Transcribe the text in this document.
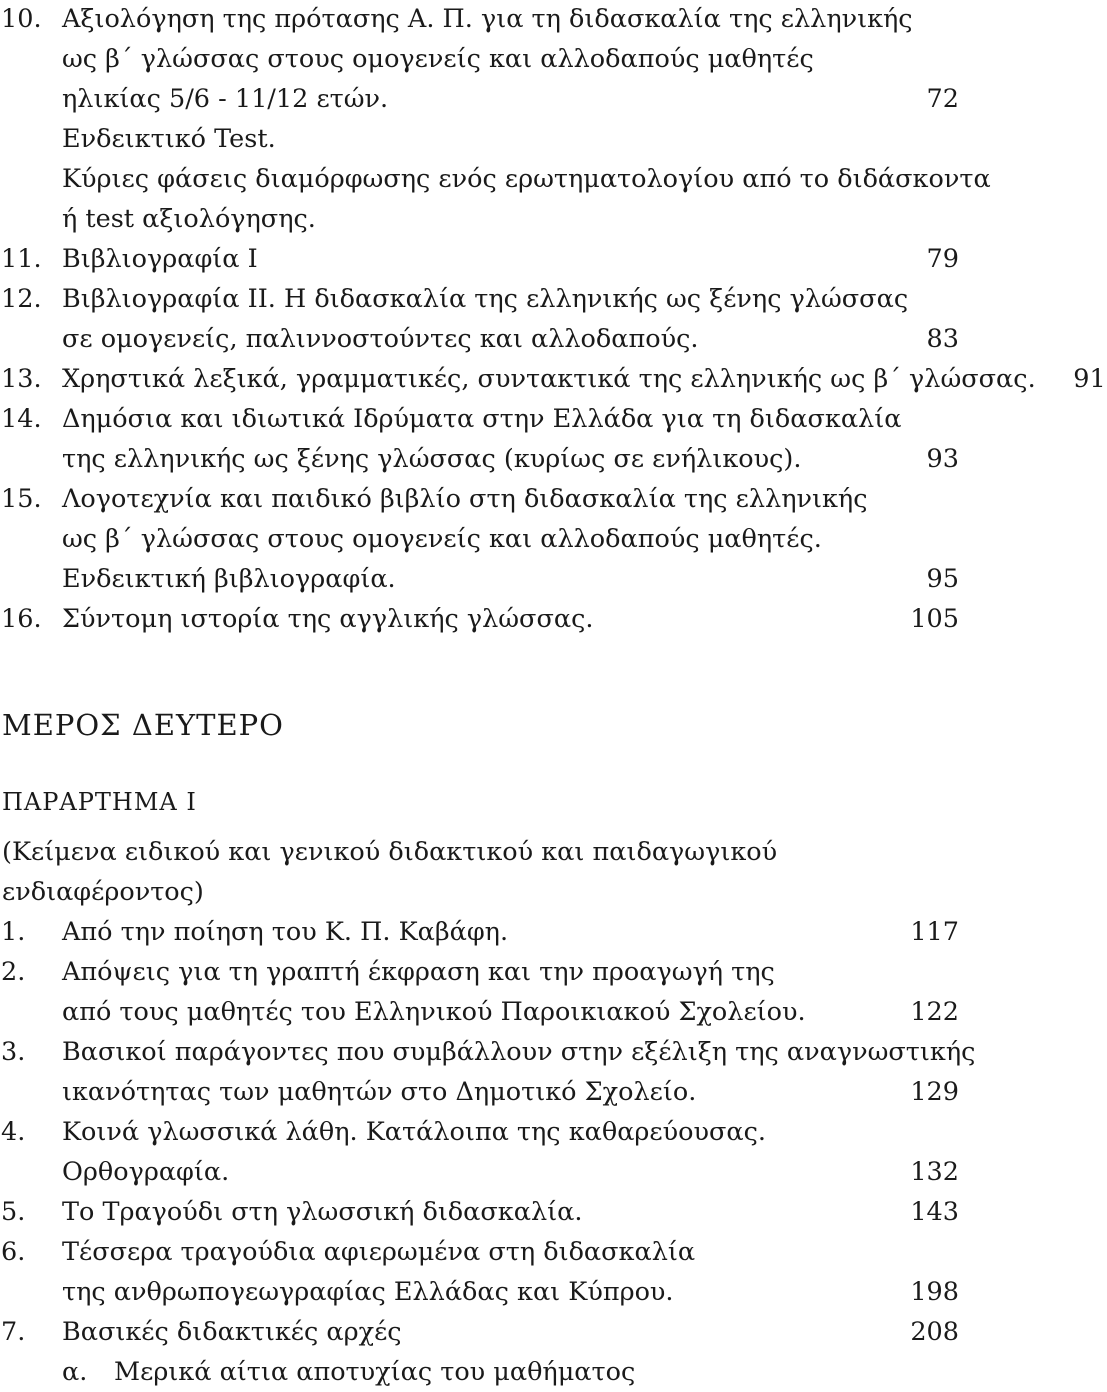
10. Αξιολόγηση της πρότασης Α. Π. για τη διδασκαλία της ελληνικής
ως β΄ γλώσσας στους ομογενείς και αλλοδαπούς μαθητές
ηλικίας 5/6 - 11/12 ετών.	72
Ενδεικτικό Test.
Κύριες φάσεις διαμόρφωσης ενός ερωτηματολογίου από το διδάσκοντα
ή test αξιολόγησης.
11. Βιβλιογραφία Ι	79
12. Βιβλιογραφία ΙΙ. Η διδασκαλία της ελληνικής ως ξένης γλώσσας
σε ομογενείς, παλιννοστούντες και αλλοδαπούς.	83
13. Χρηστικά λεξικά, γραμματικές, συντακτικά της ελληνικής ως β΄ γλώσσας.	91
14. Δημόσια και ιδιωτικά Ιδρύματα στην Ελλάδα για τη διδασκαλία
της ελληνικής ως ξένης γλώσσας (κυρίως σε ενήλικους).	93
15. Λογοτεχνία και παιδικό βιβλίο στη διδασκαλία της ελληνικής
ως β΄ γλώσσας στους ομογενείς και αλλοδαπούς μαθητές.
Ενδεικτική βιβλιογραφία.	95
16. Σύντομη ιστορία της αγγλικής γλώσσας.	105
ΜΕΡΟΣ ΔΕΥΤΕΡΟ
ΠΑΡΑΡΤΗΜΑ Ι
(Κείμενα ειδικού και γενικού διδακτικού και παιδαγωγικού ενδιαφέροντος)
1.	Από την ποίηση του Κ. Π. Καβάφη.	117
2.	Απόψεις για τη γραπτή έκφραση και την προαγωγή της
από τους μαθητές του Ελληνικού Παροικιακού Σχολείου.	122
3.	Βασικοί παράγοντες που συμβάλλουν στην εξέλιξη της αναγνωστικής
ικανότητας των μαθητών στο Δημοτικό Σχολείο.	129
4.	Κοινά γλωσσικά λάθη. Κατάλοιπα της καθαρεύουσας.
Ορθογραφία.	132
5.	Το Τραγούδι στη γλωσσική διδασκαλία.	143
6.	Τέσσερα τραγούδια αφιερωμένα στη διδασκαλία
της ανθρωπογεωγραφίας Ελλάδας και Κύπρου.	198
7.	Βασικές διδακτικές αρχές	208
α.	Μερικά αίτια αποτυχίας του μαθήματος
